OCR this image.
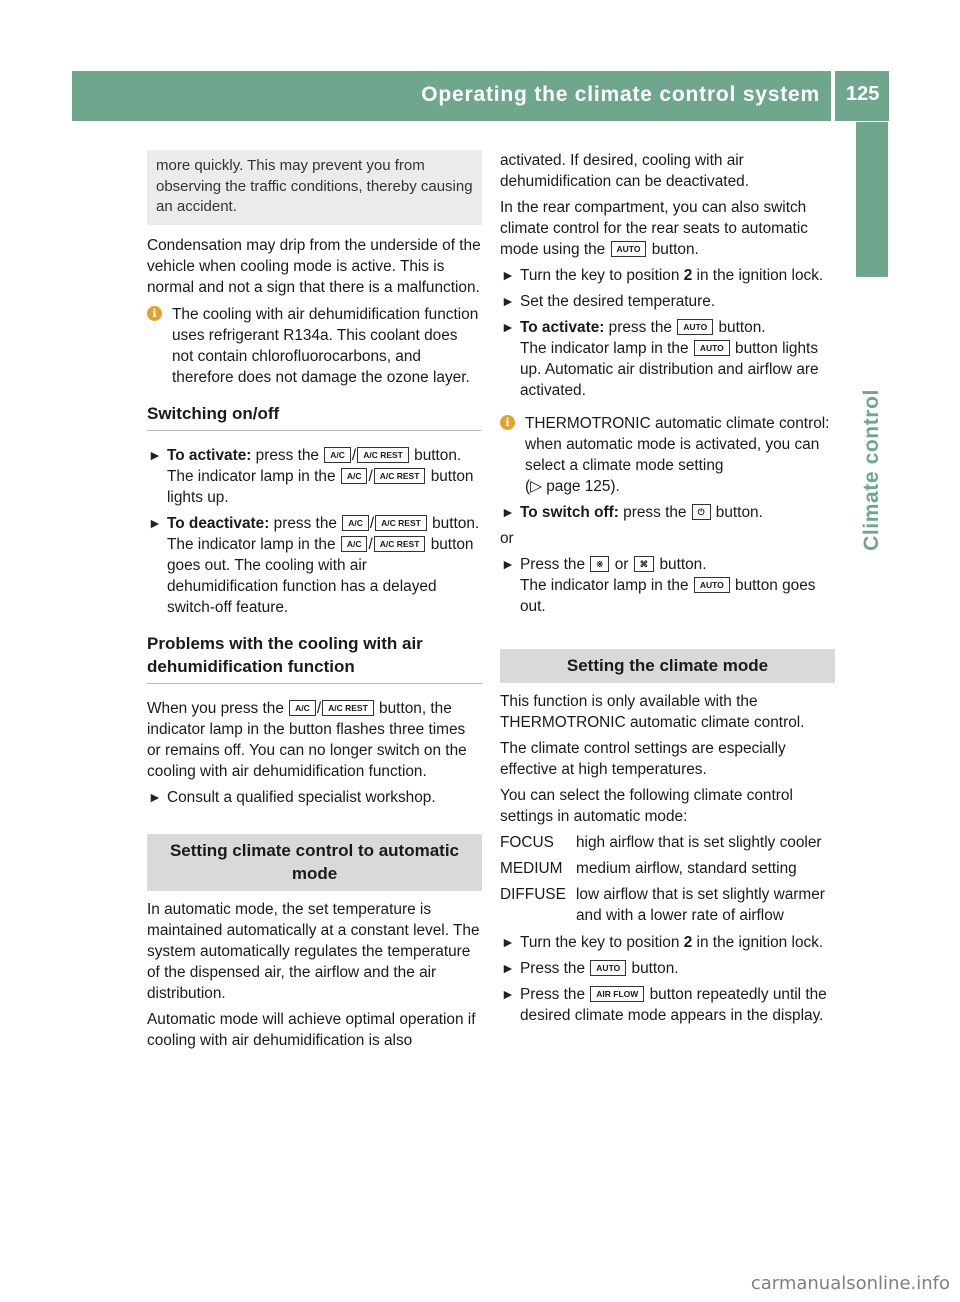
Operating the climate control system 125
Climate control
more quickly. This may prevent you from observing the traffic conditions, thereby causing an accident.

Condensation may drip from the underside of the vehicle when cooling mode is active. This is normal and not a sign that there is a malfunction.

i	The cooling with air dehumidification function uses refrigerant R134a. This coolant does not contain chlorofluorocarbons, and therefore does not damage the ozone layer.
Switching on/off
► To activate: press the A/C / A/C REST button.
The indicator lamp in the A/C / A/C REST button lights up.
► To deactivate: press the A/C / A/C REST button.
The indicator lamp in the A/C / A/C REST button goes out. The cooling with air dehumidification function has a delayed switch-off feature.
Problems with the cooling with air dehumidification function

When you press the A/C / A/C REST button, the indicator lamp in the button flashes three times or remains off. You can no longer switch on the cooling with air dehumidification function.

► Consult a qualified specialist workshop.
Setting climate control to automatic mode

In automatic mode, the set temperature is maintained automatically at a constant level. The system automatically regulates the temperature of the dispensed air, the airflow and the air distribution.

Automatic mode will achieve optimal operation if cooling with air dehumidification is also

activated. If desired, cooling with air dehumidification can be deactivated.

In the rear compartment, you can also switch climate control for the rear seats to automatic mode using the AUTO button.

► Turn the key to position 2 in the ignition lock.
► Set the desired temperature.
► To activate: press the AUTO button.
The indicator lamp in the AUTO button lights up. Automatic air distribution and airflow are activated.
i	THERMOTRONIC automatic climate control: when automatic mode is activated, you can select a climate mode setting
(▷ page 125).
► To switch off: press the ⏻ button.

or

► Press the ※ or ⌘ button.
The indicator lamp in the AUTO button goes out.
Setting the climate mode

This function is only available with the THERMOTRONIC automatic climate control.

The climate control settings are especially effective at high temperatures.

You can select the following climate control settings in automatic mode:

FOCUS	high airflow that is set slightly cooler
MEDIUM medium airflow, standard setting
DIFFUSE low airflow that is set slightly warmer and with a lower rate of airflow
► Turn the key to position 2 in the ignition lock.
► Press the AUTO button.
► Press the AIR FLOW button repeatedly until the desired climate mode appears in the display.
carmanualsonline.info
